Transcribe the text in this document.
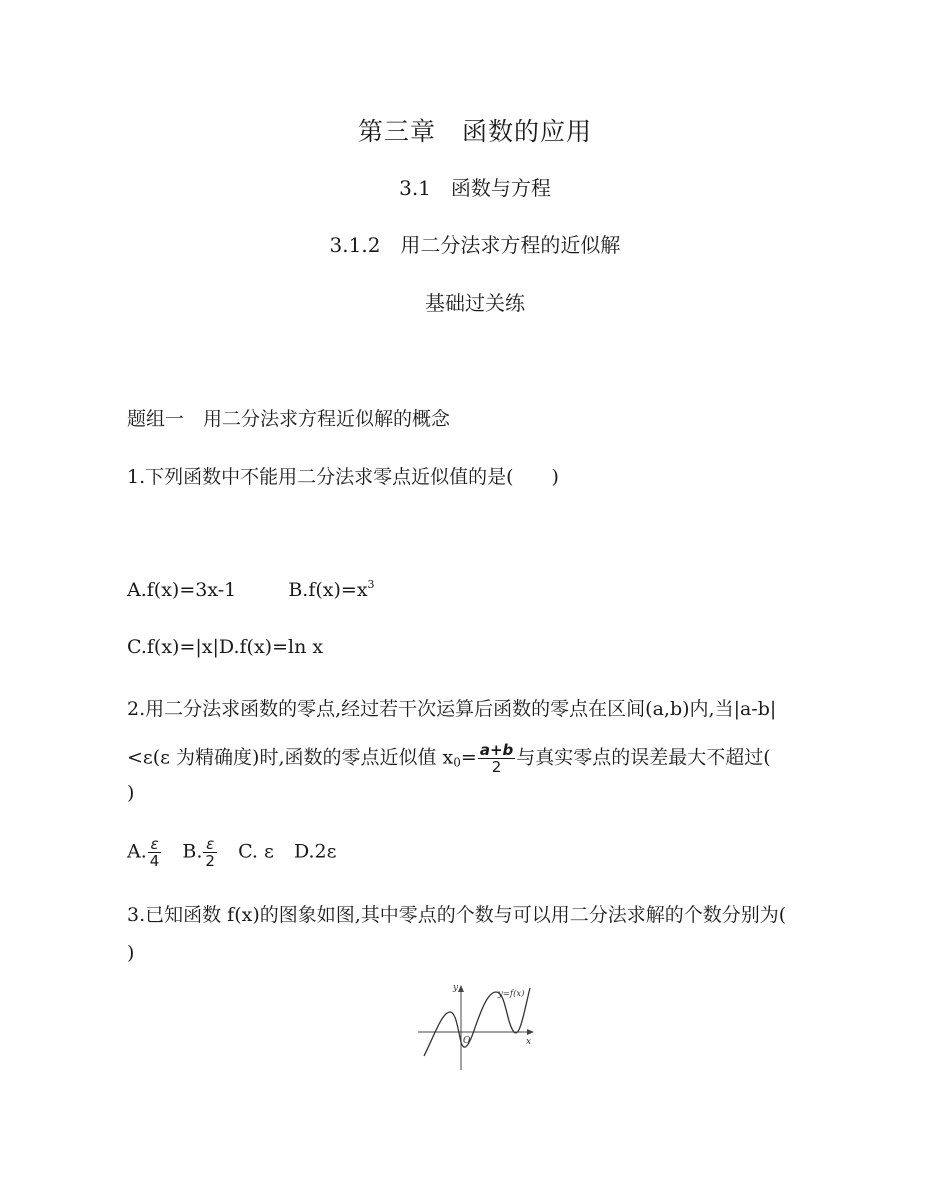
第三章　函数的应用
3.1　函数与方程
3.1.2　用二分法求方程的近似解
基础过关练
题组一　用二分法求方程近似解的概念
1.下列函数中不能用二分法求零点近似值的是(　　)
A.f(x)=3x-1	$B.f(x)=x^3$
C.f(x)=|x|D.f(x)=ln x
2.用二分法求函数的零点,经过若干次运算后函数的零点在区间(a,b)内,当|a-b|
<ε(ε 为精确度)时,函数的零点近似值 $x_0= \frac{a+b}{2}$ 与真实零点的误差最大不超过(
)
A. $\frac{\varepsilon}{4} B$. $\frac{\varepsilon}{2} C$. ε D.2ε
3.已知函数 f(x)的图象如图,其中零点的个数与可以用二分法求解的个数分别为(
)
y
x
O
y=f(x)
